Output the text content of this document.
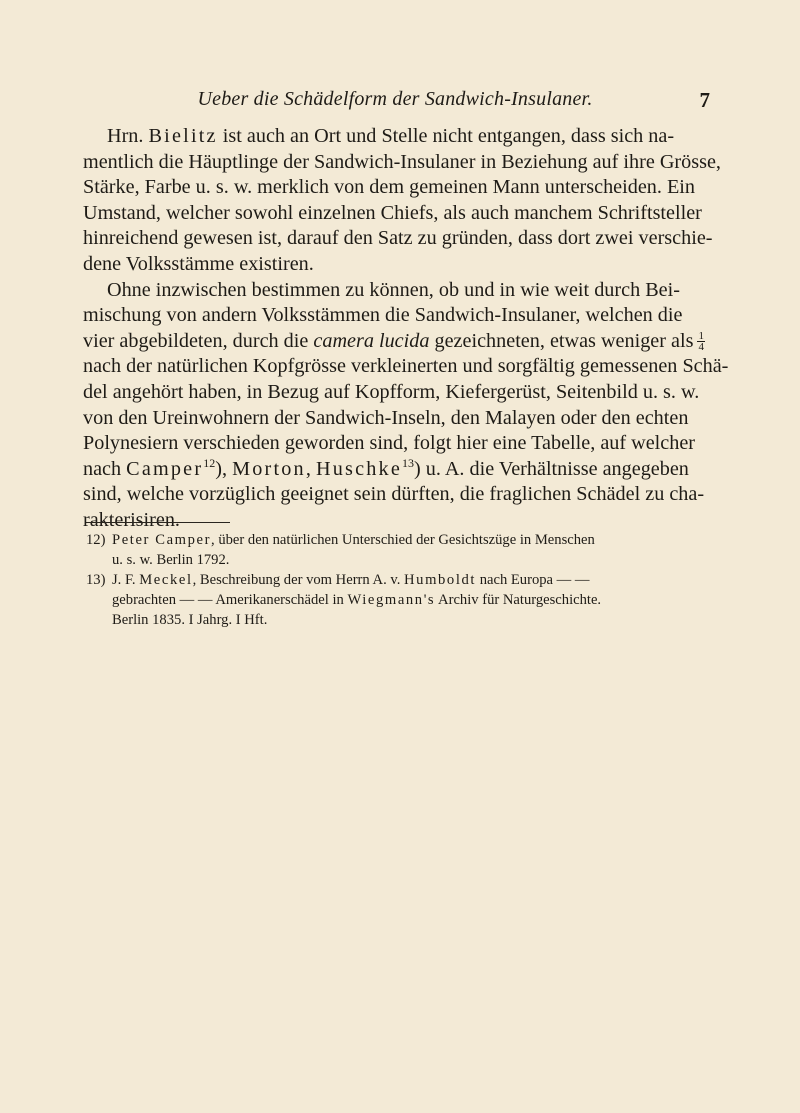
Ueber die Schädelform der Sandwich-Insulaner.	7
Hrn. Bielitz ist auch an Ort und Stelle nicht entgangen, dass sich na-
mentlich die Häuptlinge der Sandwich-Insulaner in Beziehung auf ihre Grösse,
Stärke, Farbe u. s. w. merklich von dem gemeinen Mann unterscheiden. Ein
Umstand, welcher sowohl einzelnen Chiefs, als auch manchem Schriftsteller
hinreichend gewesen ist, darauf den Satz zu gründen, dass dort zwei verschie-
dene Volksstämme existiren.
Ohne inzwischen bestimmen zu können, ob und in wie weit durch Bei-
mischung von andern Volksstämmen die Sandwich-Insulaner, welchen die
vier abgebildeten, durch die camera lucida gezeichneten, etwas weniger als $\frac{1}{4}$
nach der natürlichen Kopfgrösse verkleinerten und sorgfältig gemessenen Schä-
del angehört haben, in Bezug auf Kopfform, Kiefergerüst, Seitenbild u. s. w.
von den Ureinwohnern der Sandwich-Inseln, den Malayen oder den echten
Polynesiern verschieden geworden sind, folgt hier eine Tabelle, auf welcher
nach Camper$^{12}$), Morton, Huschke$^{13}$) u. A. die Verhältnisse angegeben
sind, welche vorzüglich geeignet sein dürften, die fraglichen Schädel zu cha-
rakterisiren.
12) Peter Camper, über den natürlichen Unterschied der Gesichtszüge in Menschen
u. s. w. Berlin 1792.
13) J. F. Meckel, Beschreibung der vom Herrn A. v. Humboldt nach Europa — —
gebrachten — — Amerikanerschädel in Wiegmann's Archiv für Naturgeschichte.
Berlin 1835. I Jahrg. I Hft.
